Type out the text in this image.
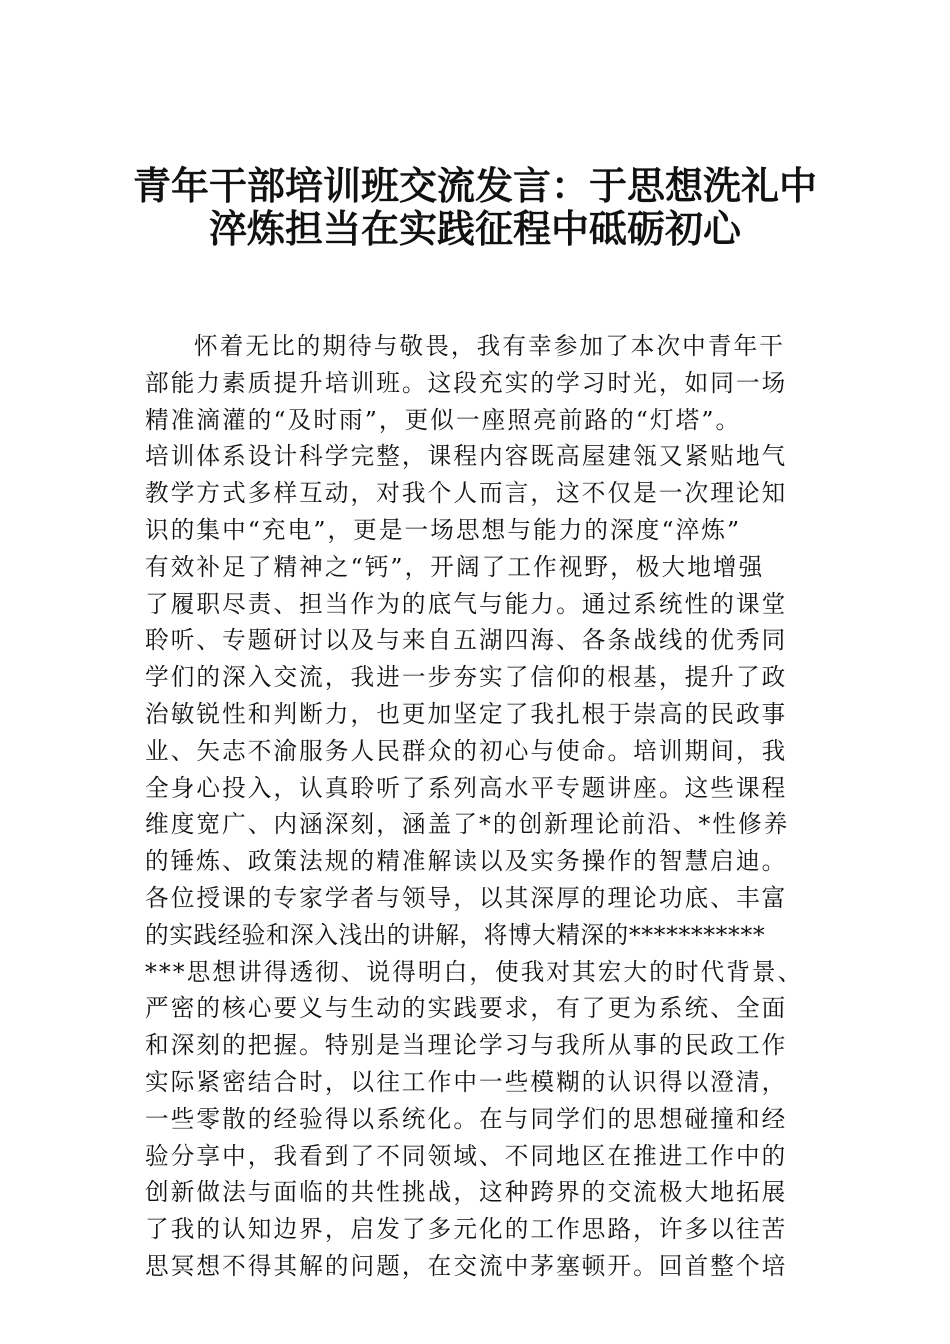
青年干部培训班交流发言：于思想洗礼中
淬炼担当在实践征程中砥砺初心
怀着无比的期待与敬畏，我有幸参加了本次中青年干
部能力素质提升培训班。这段充实的学习时光，如同一场
精准滴灌的“及时雨”，更似一座照亮前路的“灯塔”。
培训体系设计科学完整，课程内容既高屋建瓴又紧贴地气
教学方式多样互动，对我个人而言，这不仅是一次理论知
识的集中“充电”，更是一场思想与能力的深度“淬炼”
有效补足了精神之“钙”，开阔了工作视野，极大地增强
了履职尽责、担当作为的底气与能力。通过系统性的课堂
聆听、专题研讨以及与来自五湖四海、各条战线的优秀同
学们的深入交流，我进一步夯实了信仰的根基，提升了政
治敏锐性和判断力，也更加坚定了我扎根于崇高的民政事
业、矢志不渝服务人民群众的初心与使命。培训期间，我
全身心投入，认真聆听了系列高水平专题讲座。这些课程
维度宽广、内涵深刻，涵盖了*的创新理论前沿、*性修养
的锤炼、政策法规的精准解读以及实务操作的智慧启迪。
各位授课的专家学者与领导，以其深厚的理论功底、丰富
的实践经验和深入浅出的讲解，将博大精深的***********
***思想讲得透彻、说得明白，使我对其宏大的时代背景、
严密的核心要义与生动的实践要求，有了更为系统、全面
和深刻的把握。特别是当理论学习与我所从事的民政工作
实际紧密结合时，以往工作中一些模糊的认识得以澄清，
一些零散的经验得以系统化。在与同学们的思想碰撞和经
验分享中，我看到了不同领域、不同地区在推进工作中的
创新做法与面临的共性挑战，这种跨界的交流极大地拓展
了我的认知边界，启发了多元化的工作思路，许多以往苦
思冥想不得其解的问题，在交流中茅塞顿开。回首整个培
